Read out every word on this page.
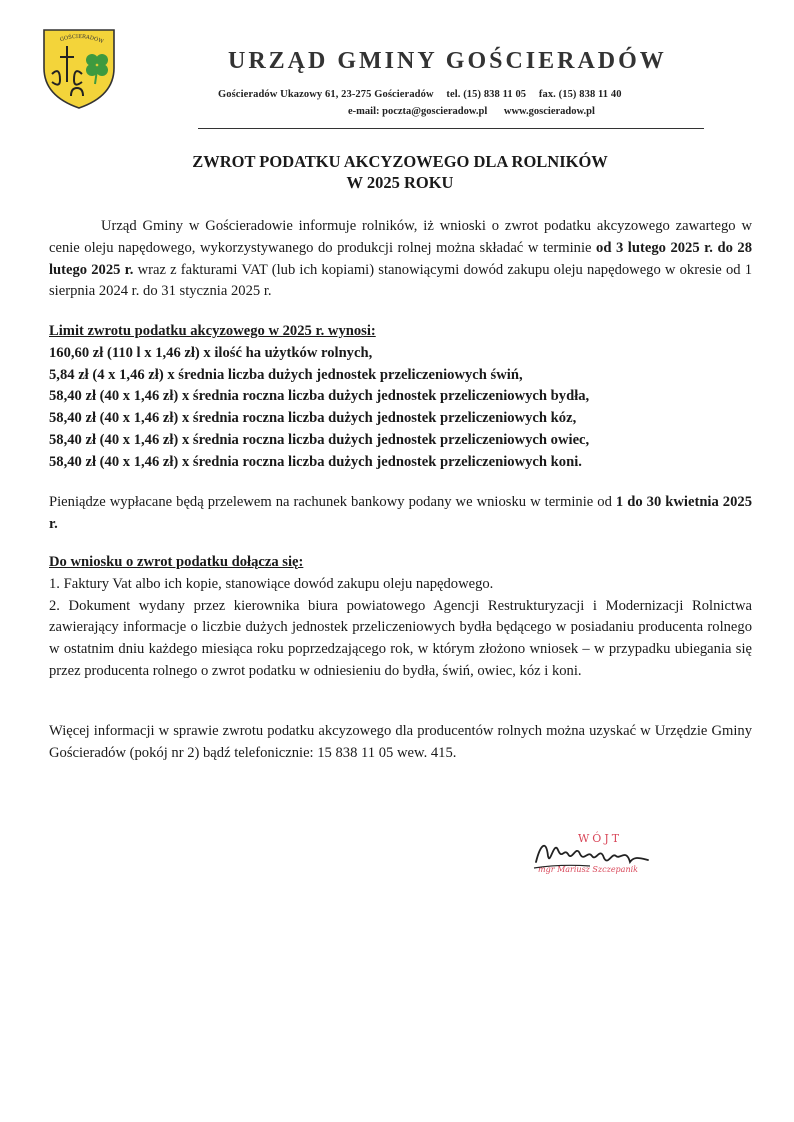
GOŚCIERADÓW
URZĄD GMINY GOŚCIERADÓW
Gościeradów Ukazowy 61, 23-275 Gościeradów tel. (15) 838 11 05 fax. (15) 838 11 40
e-mail: poczta@goscieradow.pl www.goscieradow.pl
ZWROT PODATKU AKCYZOWEGO DLA ROLNIKÓW
W 2025 ROKU

Urząd Gminy w Gościeradowie informuje rolników, iż wnioski o zwrot podatku akcyzowego zawartego w cenie oleju napędowego, wykorzystywanego do produkcji rolnej można składać w terminie od 3 lutego 2025 r. do 28 lutego 2025 r. wraz z fakturami VAT (lub ich kopiami) stanowiącymi dowód zakupu oleju napędowego w okresie od 1 sierpnia 2024 r. do 31 stycznia 2025 r.

Limit zwrotu podatku akcyzowego w 2025 r. wynosi:
160,60 zł (110 l x 1,46 zł) x ilość ha użytków rolnych,
5,84 zł (4 x 1,46 zł) x średnia liczba dużych jednostek przeliczeniowych świń,
58,40 zł (40 x 1,46 zł) x średnia roczna liczba dużych jednostek przeliczeniowych bydła,
58,40 zł (40 x 1,46 zł) x średnia roczna liczba dużych jednostek przeliczeniowych kóz,
58,40 zł (40 x 1,46 zł) x średnia roczna liczba dużych jednostek przeliczeniowych owiec,
58,40 zł (40 x 1,46 zł) x średnia roczna liczba dużych jednostek przeliczeniowych koni.

Pieniądze wypłacane będą przelewem na rachunek bankowy podany we wniosku w terminie od 1 do 30 kwietnia 2025 r.

Do wniosku o zwrot podatku dołącza się:
1. Faktury Vat albo ich kopie, stanowiące dowód zakupu oleju napędowego.
2. Dokument wydany przez kierownika biura powiatowego Agencji Restrukturyzacji i Modernizacji Rolnictwa zawierający informacje o liczbie dużych jednostek przeliczeniowych bydła będącego w posiadaniu producenta rolnego w ostatnim dniu każdego miesiąca roku poprzedzającego rok, w którym złożono wniosek – w przypadku ubiegania się przez producenta rolnego o zwrot podatku w odniesieniu do bydła, świń, owiec, kóz i koni.

Więcej informacji w sprawie zwrotu podatku akcyzowego dla producentów rolnych można uzyskać w Urzędzie Gminy Gościeradów (pokój nr 2) bądź telefonicznie: 15 838 11 05 wew. 415.

WÓJT
mgr Mariusz Szczepanik
